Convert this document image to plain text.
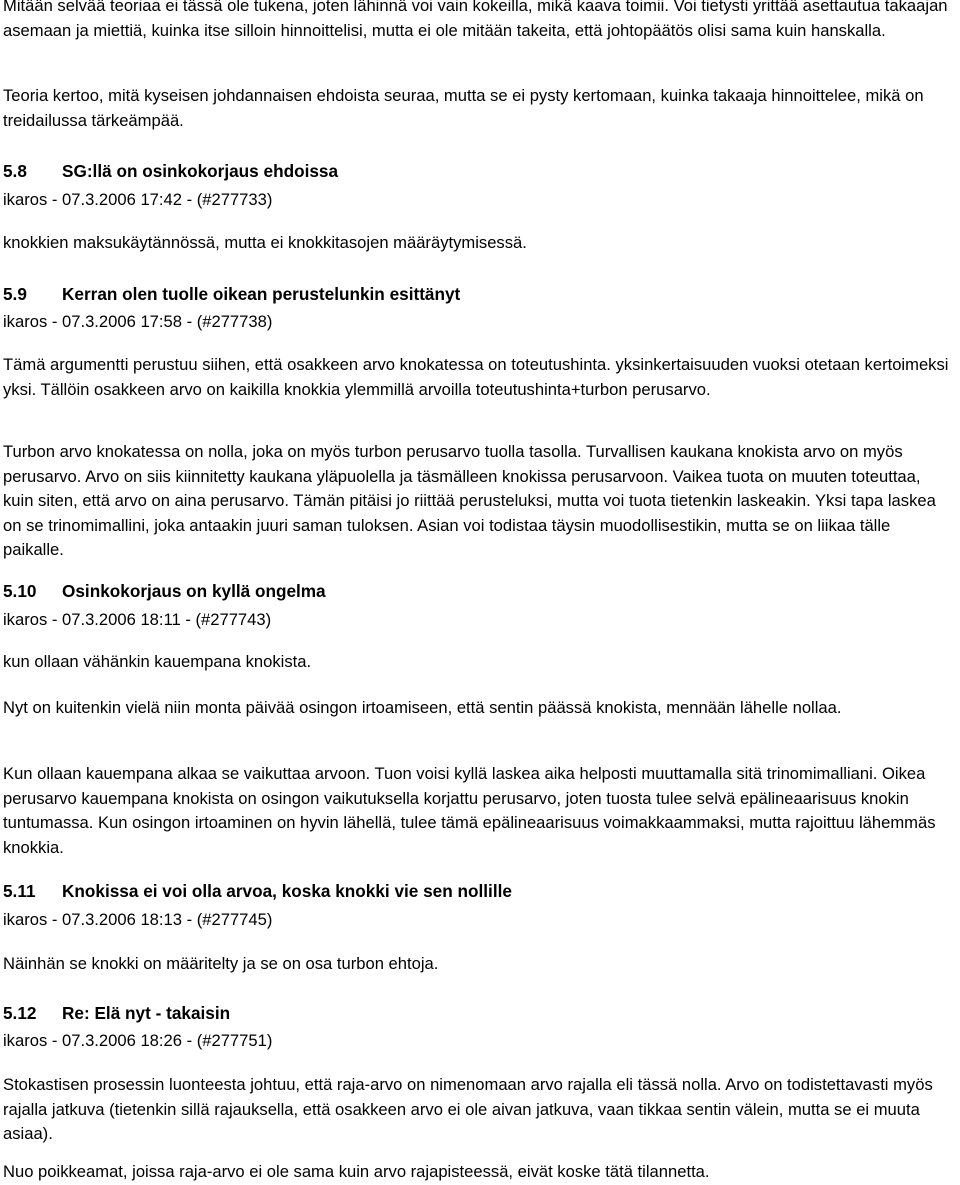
Mitään selvää teoriaa ei tässä ole tukena, joten lähinnä voi vain kokeilla, mikä kaava toimii. Voi tietysti yrittää asettautua takaajan asemaan ja miettiä, kuinka itse silloin hinnoittelisi, mutta ei ole mitään takeita, että johtopäätös olisi sama kuin hanskalla.

Teoria kertoo, mitä kyseisen johdannaisen ehdoista seuraa, mutta se ei pysty kertomaan, kuinka takaaja hinnoittelee, mikä on treidailussa tärkeämpää.

5.8 SG:llä on osinkokorjaus ehdoissa

ikaros - 07.3.2006 17:42 - (#277733)

knokkien maksukäytännössä, mutta ei knokkitasojen määräytymisessä.

5.9 Kerran olen tuolle oikean perustelunkin esittänyt

ikaros - 07.3.2006 17:58 - (#277738)

Tämä argumentti perustuu siihen, että osakkeen arvo knokatessa on toteutushinta. yksinkertaisuuden vuoksi otetaan kertoimeksi yksi. Tällöin osakkeen arvo on kaikilla knokkia ylemmillä arvoilla toteutushinta+turbon perusarvo.

Turbon arvo knokatessa on nolla, joka on myös turbon perusarvo tuolla tasolla. Turvallisen kaukana knokista arvo on myös perusarvo. Arvo on siis kiinnitetty kaukana yläpuolella ja täsmälleen knokissa perusarvoon. Vaikea tuota on muuten toteuttaa, kuin siten, että arvo on aina perusarvo. Tämän pitäisi jo riittää perusteluksi, mutta voi tuota tietenkin laskeakin. Yksi tapa laskea on se trinomimallini, joka antaakin juuri saman tuloksen. Asian voi todistaa täysin muodollisestikin, mutta se on liikaa tälle paikalle.

5.10 Osinkokorjaus on kyllä ongelma

ikaros - 07.3.2006 18:11 - (#277743)

kun ollaan vähänkin kauempana knokista.

Nyt on kuitenkin vielä niin monta päivää osingon irtoamiseen, että sentin päässä knokista, mennään lähelle nollaa.

Kun ollaan kauempana alkaa se vaikuttaa arvoon. Tuon voisi kyllä laskea aika helposti muuttamalla sitä trinomimalliani. Oikea perusarvo kauempana knokista on osingon vaikutuksella korjattu perusarvo, joten tuosta tulee selvä epälineaarisuus knokin tuntumassa. Kun osingon irtoaminen on hyvin lähellä, tulee tämä epälineaarisuus voimakkaammaksi, mutta rajoittuu lähemmäs knokkia.

5.11 Knokissa ei voi olla arvoa, koska knokki vie sen nollille

ikaros - 07.3.2006 18:13 - (#277745)

Näinhän se knokki on määritelty ja se on osa turbon ehtoja.

5.12 Re: Elä nyt - takaisin

ikaros - 07.3.2006 18:26 - (#277751)

Stokastisen prosessin luonteesta johtuu, että raja-arvo on nimenomaan arvo rajalla eli tässä nolla. Arvo on todistettavasti myös rajalla jatkuva (tietenkin sillä rajauksella, että osakkeen arvo ei ole aivan jatkuva, vaan tikkaa sentin välein, mutta se ei muuta asiaa).

Nuo poikkeamat, joissa raja-arvo ei ole sama kuin arvo rajapisteessä, eivät koske tätä tilannetta.
